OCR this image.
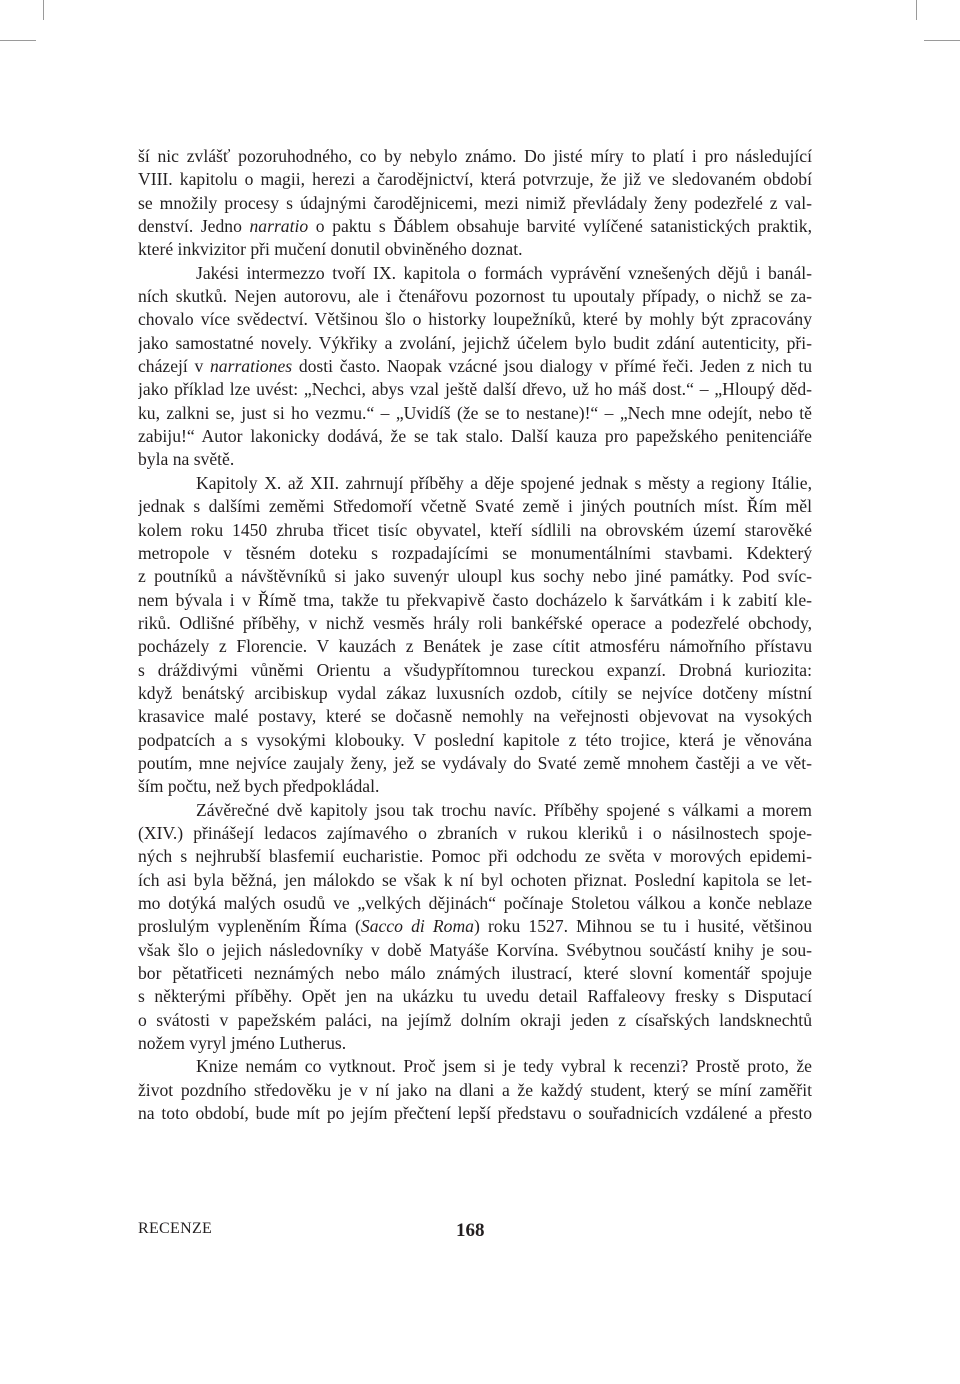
ší nic zvlášť pozoruhodného, co by nebylo známo. Do jisté míry to platí i pro následující
VIII. kapitolu o magii, herezi a čarodějnictví, která potvrzuje, že již ve sledovaném období
se množily procesy s údajnými čarodějnicemi, mezi nimiž převládaly ženy podezřelé z val-
denství. Jedno narratio o paktu s Ďáblem obsahuje barvité vylíčené satanistických praktik,
které inkvizitor při mučení donutil obviněného doznat.
Jakési intermezzo tvoří IX. kapitola o formách vyprávění vznešených dějů i banál-
ních skutků. Nejen autorovu, ale i čtenářovu pozornost tu upoutaly případy, o nichž se za-
chovalo více svědectví. Většinou šlo o historky loupežníků, které by mohly být zpracovány
jako samostatné novely. Výkřiky a zvolání, jejichž účelem bylo budit zdání autenticity, při-
cházejí v narrationes dosti často. Naopak vzácné jsou dialogy v přímé řeči. Jeden z nich tu
jako příklad lze uvést: „Nechci, abys vzal ještě další dřevo, už ho máš dost.“ – „Hloupý děd-
ku, zalkni se, just si ho vezmu.“ – „Uvidíš (že se to nestane)!“ – „Nech mne odejít, nebo tě
zabiju!“ Autor lakonicky dodává, že se tak stalo. Další kauza pro papežského penitenciáře
byla na světě.
Kapitoly X. až XII. zahrnují příběhy a děje spojené jednak s městy a regiony Itálie,
jednak s dalšími zeměmi Středomoří včetně Svaté země i jiných poutních míst. Řím měl
kolem roku 1450 zhruba třicet tisíc obyvatel, kteří sídlili na obrovském území starověké
metropole v těsném doteku s rozpadajícími se monumentálními stavbami. Kdekterý
z poutníků a návštěvníků si jako suvenýr uloupl kus sochy nebo jiné památky. Pod svíc-
nem bývala i v Římě tma, takže tu překvapivě často docházelo k šarvátkám i k zabití kle-
riků. Odlišné příběhy, v nichž vesměs hrály roli bankéřské operace a podezřelé obchody,
pocházely z Florencie. V kauzách z Benátek je zase cítit atmosféru námořního přístavu
s dráždivými vůněmi Orientu a všudypřítomnou tureckou expanzí. Drobná kuriozita:
když benátský arcibiskup vydal zákaz luxusních ozdob, cítily se nejvíce dotčeny místní
krasavice malé postavy, které se dočasně nemohly na veřejnosti objevovat na vysokých
podpatcích a s vysokými klobouky. V poslední kapitole z této trojice, která je věnována
poutím, mne nejvíce zaujaly ženy, jež se vydávaly do Svaté země mnohem častěji a ve vět-
ším počtu, než bych předpokládal.
Závěrečné dvě kapitoly jsou tak trochu navíc. Příběhy spojené s válkami a morem
(XIV.) přinášejí ledacos zajímavého o zbraních v rukou kleriků i o násilnostech spoje-
ných s nejhrubší blasfemií eucharistie. Pomoc při odchodu ze světa v morových epidemi-
ích asi byla běžná, jen málokdo se však k ní byl ochoten přiznat. Poslední kapitola se let-
mo dotýká malých osudů ve „velkých dějinách“ počínaje Stoletou válkou a konče neblaze
proslulým vypleněním Říma (Sacco di Roma) roku 1527. Mihnou se tu i husité, většinou
však šlo o jejich následovníky v době Matyáše Korvína. Svébytnou součástí knihy je sou-
bor pětatřiceti neznámých nebo málo známých ilustrací, které slovní komentář spojuje
s některými příběhy. Opět jen na ukázku tu uvedu detail Raffaleovy fresky s Disputací
o svátosti v papežském paláci, na jejímž dolním okraji jeden z císařských landsknechtů
nožem vyryl jméno Lutherus.
Knize nemám co vytknout. Proč jsem si je tedy vybral k recenzi? Prostě proto, že
život pozdního středověku je v ní jako na dlani a že každý student, který se míní zaměřit
na toto období, bude mít po jejím přečtení lepší představu o souřadnicích vzdálené a přesto
RECENZE	168
